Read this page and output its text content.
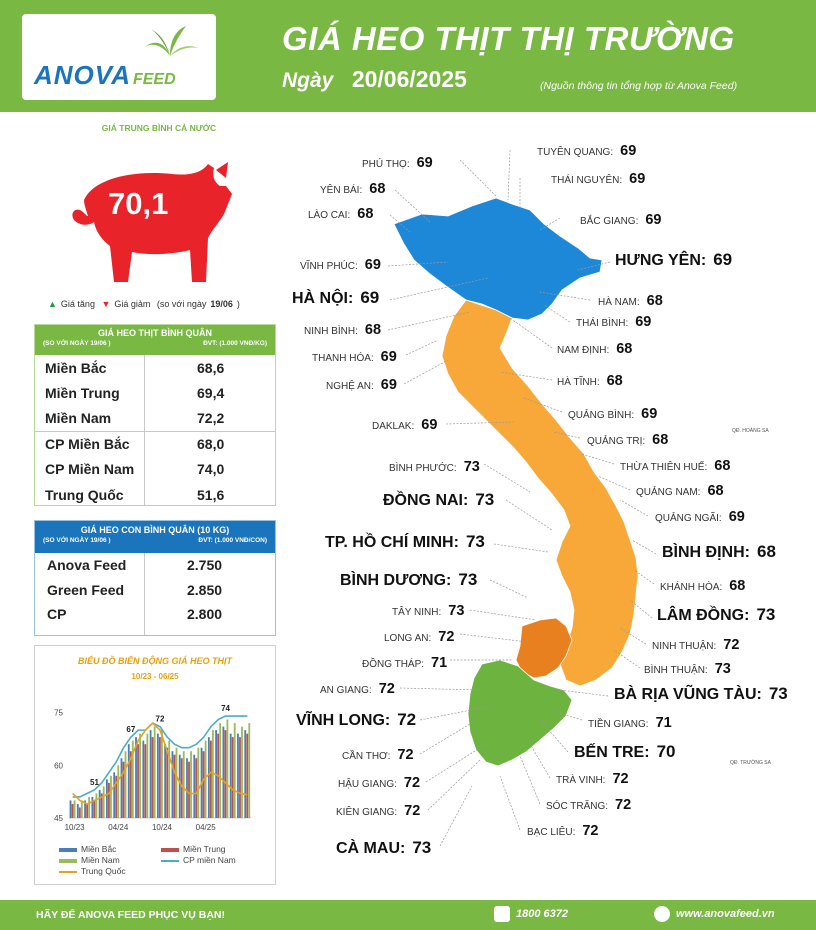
ANOVA FEED
GIÁ HEO THỊT THỊ TRƯỜNG
Ngày 20/06/2025	(Nguồn thông tin tổng hợp từ Anova Feed)
GIÁ TRUNG BÌNH CẢ NƯỚC
70,1
▲ Giá tăng ▼ Giá giảm (so với ngày 19/06 )
GIÁ HEO THỊT BÌNH QUÂN
(SO VỚI NGÀY 19/06 )	ĐVT: (1.000 VNĐ/KG)
Miền Bắc	68,6
Miền Trung	69,4
Miền Nam	72,2
CP Miền Bắc	68,0
CP Miền Nam	74,0
Trung Quốc	51,6
GIÁ HEO CON BÌNH QUÂN (10 KG)
(SO VỚI NGÀY 19/06 )	ĐVT: (1.000 VNĐ/CON)
Anova Feed	2.750
Green Feed	2.850
CP	2.800
45
60
75
10/23	04/24	10/24	04/25
51
67
72
74
BIỂU ĐỒ BIẾN ĐỘNG GIÁ HEO THỊT
10/23 - 06/25
Miền Bắc	Miền Trung
Miền Nam	CP miền Nam
Trung Quốc
TUYÊN QUANG: 69
PHÚ THỌ: 69
THÁI NGUYÊN: 69
YÊN BÁI: 68
LÀO CAI: 68	BẮC GIANG: 69
VĨNH PHÚC: 69	HƯNG YÊN: 69
HÀ NỘI: 69	HÀ NAM: 68
NINH BÌNH: 68	THÁI BÌNH: 69
THANH HÓA: 69	NAM ĐỊNH: 68
NGHỆ AN: 69	HÀ TĨNH: 68
QUẢNG BÌNH: 69
DAKLAK: 69
QUẢNG TRỊ: 68
THỪA THIÊN HUẾ: 68
BÌNH PHƯỚC: 73
QUẢNG NAM: 68
ĐỒNG NAI: 73
QUẢNG NGÃI: 69
TP. HỒ CHÍ MINH: 73
BÌNH ĐỊNH: 68
BÌNH DƯƠNG: 73	KHÁNH HÒA: 68
TÂY NINH: 73	LÂM ĐỒNG: 73
LONG AN: 72
NINH THUẬN: 72
ĐỒNG THÁP: 71	BÌNH THUẬN: 73
AN GIANG: 72	BÀ RỊA VŨNG TÀU: 73
VĨNH LONG: 72	TIỀN GIANG: 71
CẦN THƠ: 72	BẾN TRE: 70
HẬU GIANG: 72	TRÀ VINH: 72
KIÊN GIANG: 72	SÓC TRĂNG: 72
BẠC LIÊU: 72
CÀ MAU: 73
QĐ. HOÀNG SA
QĐ. TRƯỜNG SA
HÃY ĐỂ ANOVA FEED PHỤC VỤ BẠN!	1800 6372	www.anovafeed.vn
